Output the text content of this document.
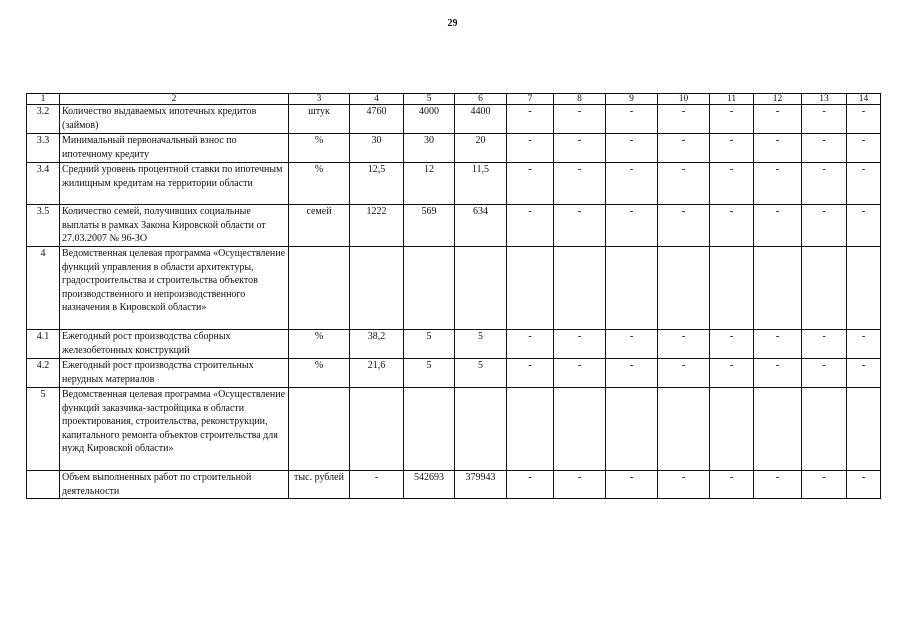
29
1	2	3	4	5	6	7	8	9	10	11	12	13	14
3.2	Количество выдаваемых ипотечных кредитов (займов)	штук	4760	4000	4400	-	-	-	-	-	-	-	-
3.3	Минимальный первоначальный взнос по ипотечному кредиту	%	30	30	20	-	-	-	-	-	-	-	-
3.4	Средний уровень процентной ставки по ипотечным жилищным кредитам на территории области	%	12,5	12	11,5	-	-	-	-	-	-	-	-
3.5	Количество семей, получивших социальные выплаты в рамках Закона Кировской области от 27.03.2007 № 96-ЗО	семей	1222	569	634	-	-	-	-	-	-	-	-
4	Ведомственная целевая программа «Осуществление функций управления в области архитектуры, градостроительства и строительства объектов производственного и непроизводственного назначения в Кировской области»												
4.1	Ежегодный рост производства сборных железобетонных конструкций	%	38,2	5	5	-	-	-	-	-	-	-	-
4.2	Ежегодный рост производства строительных нерудных материалов	%	21,6	5	5	-	-	-	-	-	-	-	-
5	Ведомственная целевая программа «Осуществление функций заказчика-застройщика в области проектирования, строительства, реконструкции, капитального ремонта объектов строительства для нужд Кировской области»												
	Объем выполненных работ по строительной деятельности	тыс. рублей	-	542693	379943	-	-	-	-	-	-	-	-
